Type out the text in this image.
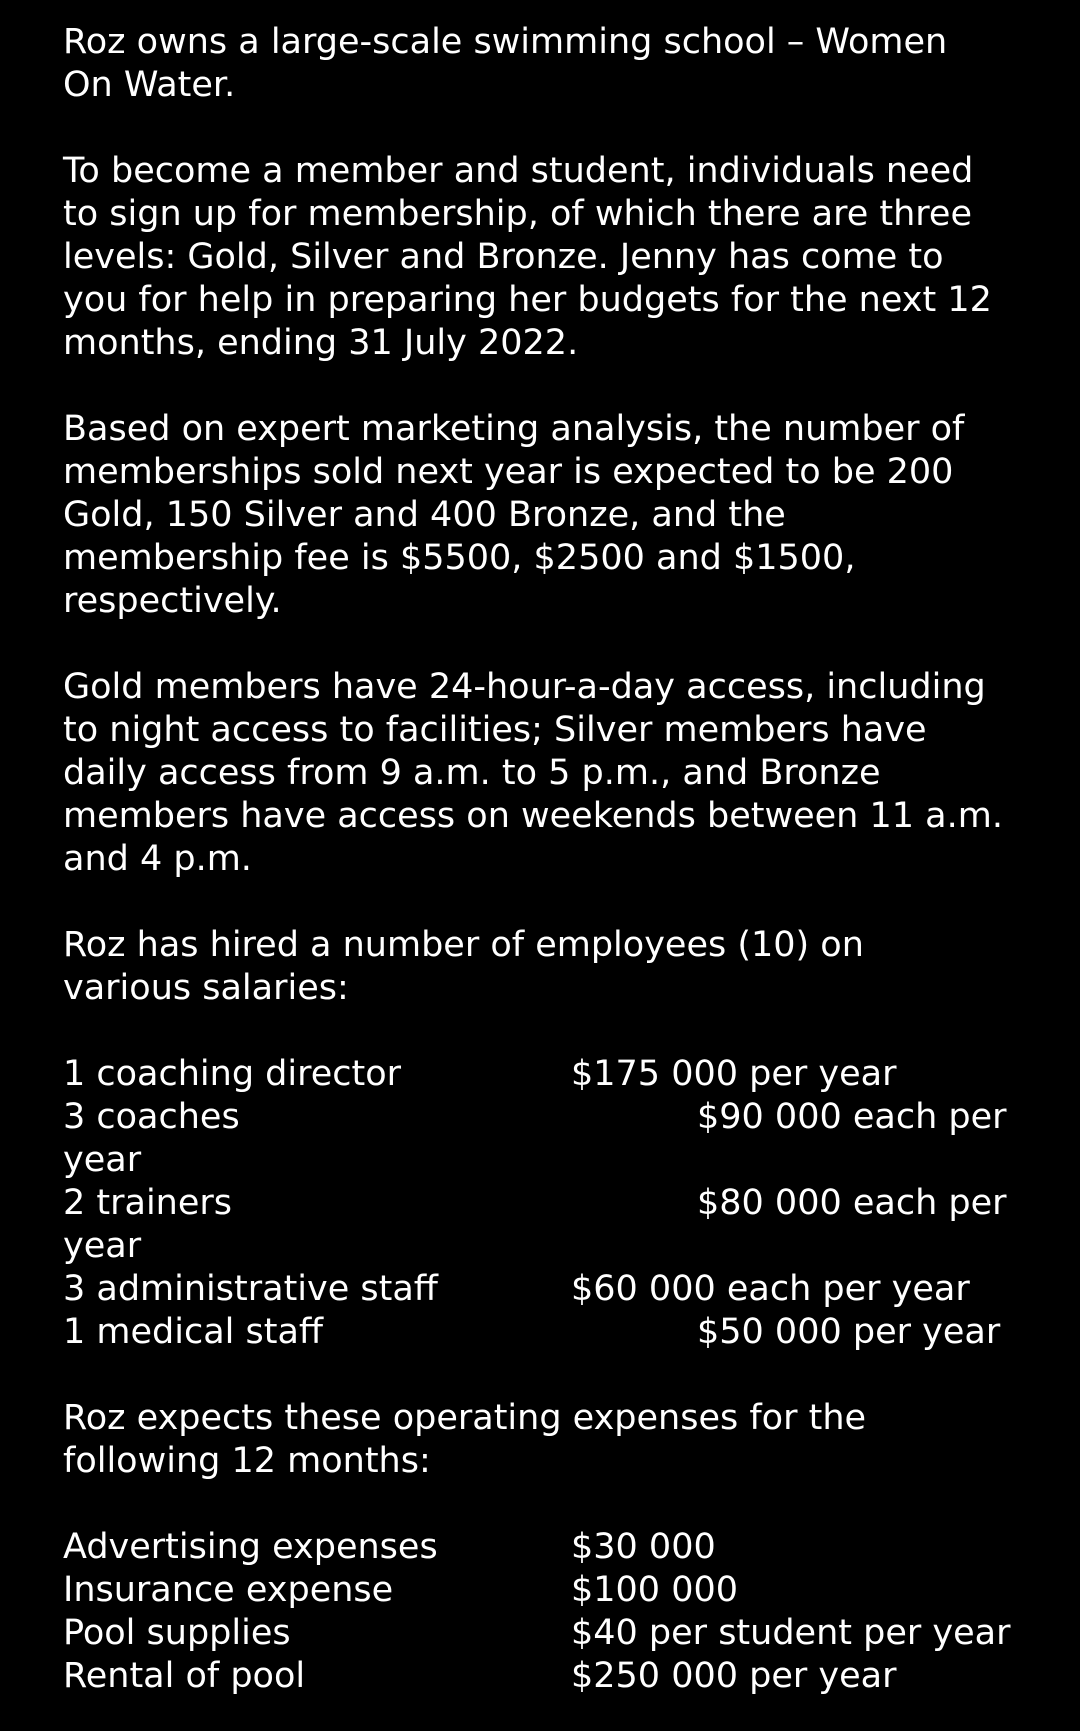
Roz owns a large-scale swimming school – Women
On Water.

To become a member and student, individuals need
to sign up for membership, of which there are three
levels: Gold, Silver and Bronze. Jenny has come to
you for help in preparing her budgets for the next 12
months, ending 31 July 2022.

Based on expert marketing analysis, the number of
memberships sold next year is expected to be 200
Gold, 150 Silver and 400 Bronze, and the
membership fee is $5500, $2500 and $1500,
respectively.

Gold members have 24-hour-a-day access, including
to night access to facilities; Silver members have
daily access from 9 a.m. to 5 p.m., and Bronze
members have access on weekends between 11 a.m.
and 4 p.m.

Roz has hired a number of employees (10) on
various salaries:

1 coaching director	$175 000 per year
3 coaches	$90 000 each per
year
2 trainers	$80 000 each per
year
3 administrative staff	$60 000 each per year
1 medical staff	$50 000 per year

Roz expects these operating expenses for the
following 12 months:

Advertising expenses	$30 000
Insurance expense	$100 000
Pool supplies	$40 per student per year
Rental of pool	$250 000 per year
